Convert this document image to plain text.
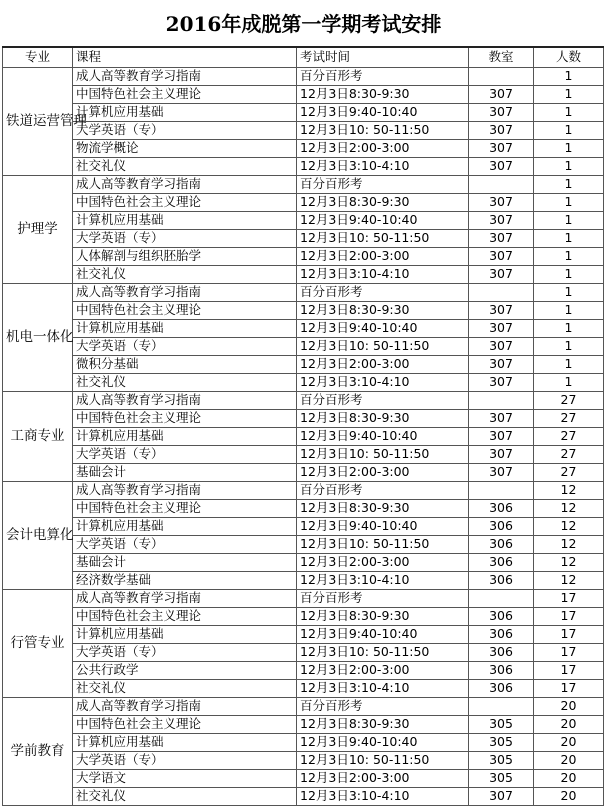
2016年成脱第一学期考试安排
专业	课程	考试时间	教室	人数
铁道运营管理	成人高等教育学习指南	百分百形考		1
	中国特色社会主义理论	12月3日8:30-9:30	307	1
	计算机应用基础	12月3日9:40-10:40	307	1
	大学英语（专）	12月3日10: 50-11:50	307	1
	物流学概论	12月3日2:00-3:00	307	1
	社交礼仪	12月3日3:10-4:10	307	1
护理学	成人高等教育学习指南	百分百形考		1
	中国特色社会主义理论	12月3日8:30-9:30	307	1
	计算机应用基础	12月3日9:40-10:40	307	1
	大学英语（专）	12月3日10: 50-11:50	307	1
	人体解剖与组织胚胎学	12月3日2:00-3:00	307	1
	社交礼仪	12月3日3:10-4:10	307	1
机电一体化	成人高等教育学习指南	百分百形考		1
	中国特色社会主义理论	12月3日8:30-9:30	307	1
	计算机应用基础	12月3日9:40-10:40	307	1
	大学英语（专）	12月3日10: 50-11:50	307	1
	微积分基础	12月3日2:00-3:00	307	1
	社交礼仪	12月3日3:10-4:10	307	1
工商专业	成人高等教育学习指南	百分百形考		27
	中国特色社会主义理论	12月3日8:30-9:30	307	27
	计算机应用基础	12月3日9:40-10:40	307	27
	大学英语（专）	12月3日10: 50-11:50	307	27
	基础会计	12月3日2:00-3:00	307	27
会计电算化	成人高等教育学习指南	百分百形考		12
	中国特色社会主义理论	12月3日8:30-9:30	306	12
	计算机应用基础	12月3日9:40-10:40	306	12
	大学英语（专）	12月3日10: 50-11:50	306	12
	基础会计	12月3日2:00-3:00	306	12
	经济数学基础	12月3日3:10-4:10	306	12
行管专业	成人高等教育学习指南	百分百形考		17
	中国特色社会主义理论	12月3日8:30-9:30	306	17
	计算机应用基础	12月3日9:40-10:40	306	17
	大学英语（专）	12月3日10: 50-11:50	306	17
	公共行政学	12月3日2:00-3:00	306	17
	社交礼仪	12月3日3:10-4:10	306	17
学前教育	成人高等教育学习指南	百分百形考		20
	中国特色社会主义理论	12月3日8:30-9:30	305	20
	计算机应用基础	12月3日9:40-10:40	305	20
	大学英语（专）	12月3日10: 50-11:50	305	20
	大学语文	12月3日2:00-3:00	305	20
	社交礼仪	12月3日3:10-4:10	307	20
